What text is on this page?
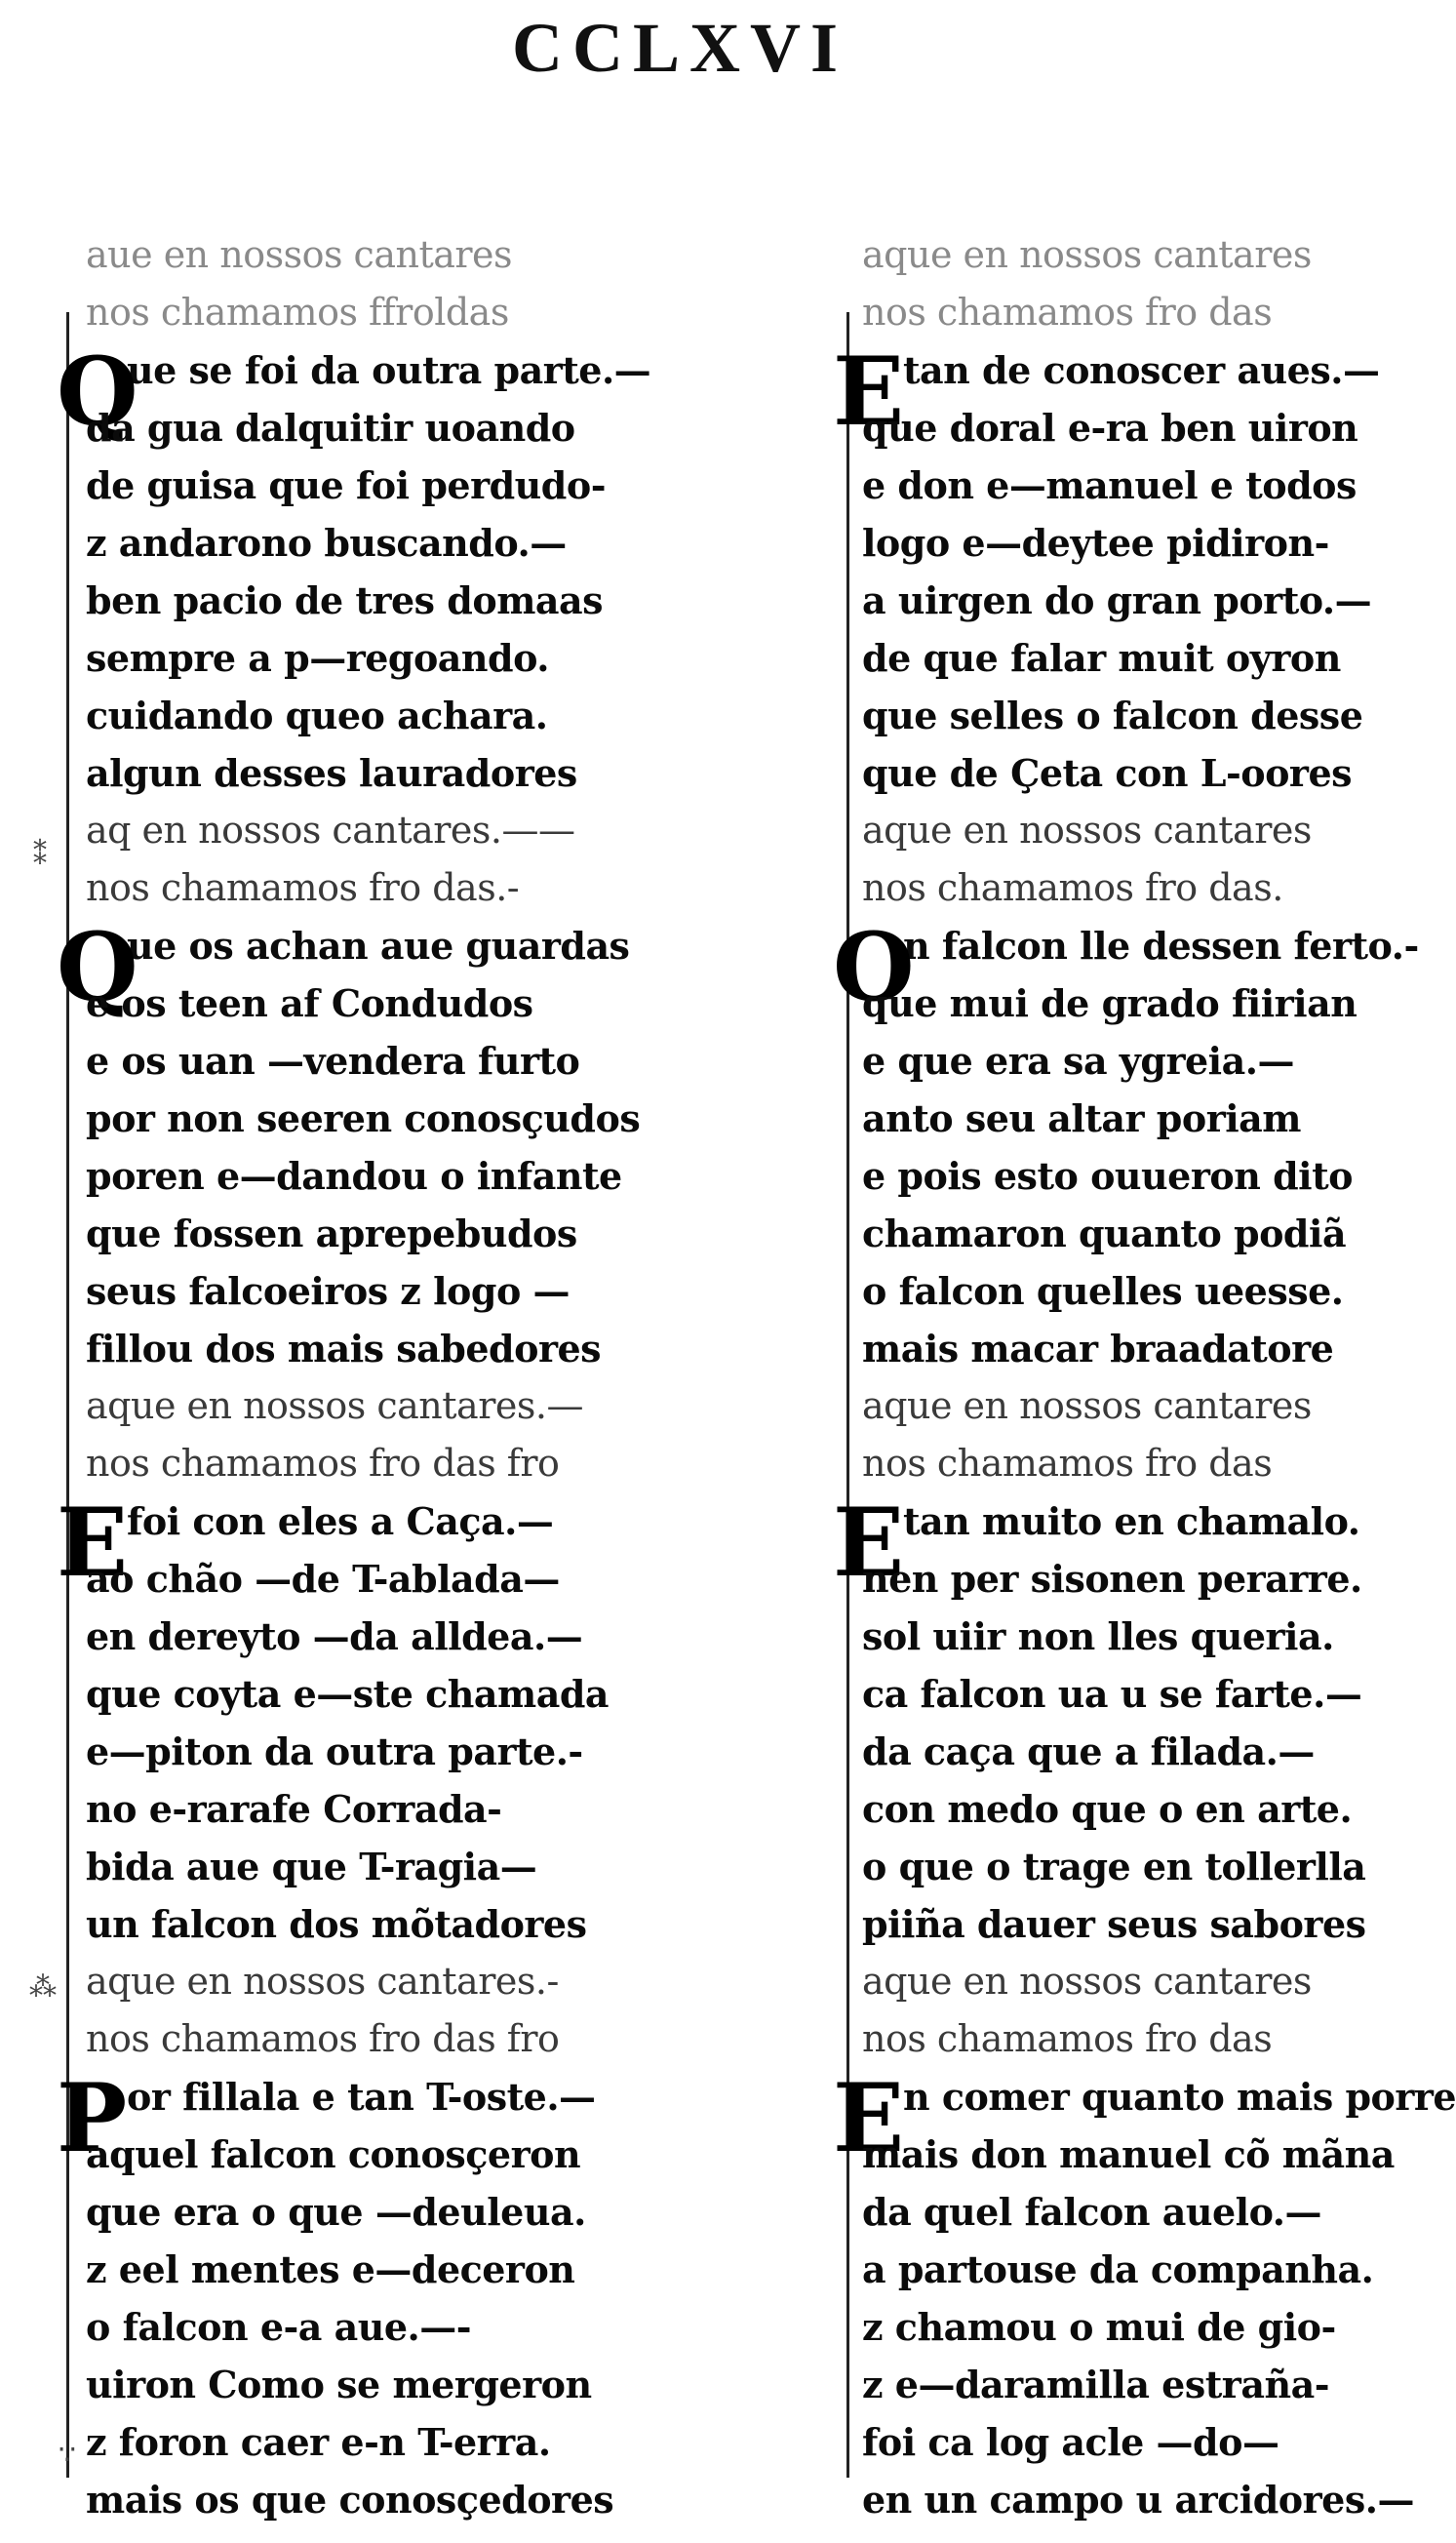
CCLXVI
aue en nossos cantares
nos chamamos ffroldas
Q
ue se foi da outra parte.—
da gua dalquitir uoando
de guisa que foi perdudo-
z andarono buscando.—
ben pacio de tres domaas
sempre a p—regoando.
cuidando queo achara.
algun desses lauradores
aq en nossos cantares.——
nos chamamos fro das.-
Q
ue os achan aue guardas
e os teen af Condudos
e os uan —vendera furto
por non seeren conosçudos
poren e—dandou o infante
que fossen aprepebudos
seus falcoeiros z logo —
fillou dos mais sabedores
aque en nossos cantares.—
nos chamamos fro das fro
E foi con eles a Caça.—
ao chão —de T-ablada—
en dereyto —da alldea.—
que coyta e—ste chamada
e—piton da outra parte.-
no e-rarafe Corrada-
bida aue que T-ragia—
un falcon dos mõtadores
aque en nossos cantares.-
nos chamamos fro das fro
P or fillala e tan T-oste.—
aquel falcon conosçeron
que era o que —deuleua.
z eel mentes e—deceron
o falcon e-a aue.—-
uiron Como se mergeron
z foron caer e-n T-erra.
mais os que conosçedores
aque en nossos cantares
nos chamamos fro das
E tan de conoscer aues.—
que doral e-ra ben uiron
e don e—manuel e todos
logo e—deytee pidiron-
a uirgen do gran porto.—
de que falar muit oyron
que selles o falcon desse
que de Çeta con L-oores
aque en nossos cantares
nos chamamos fro das.
O
n falcon lle dessen ferto.-
que mui de grado fiirian
e que era sa ygreia.—
anto seu altar poriam
e pois esto ouueron dito
chamaron quanto podiã
o falcon quelles ueesse.
mais macar braadatore
aque en nossos cantares
nos chamamos fro das
E tan muito en chamalo.
nen per sisonen perarre.
sol uiir non lles queria.
ca falcon ua u se farte.—
da caça que a filada.—
con medo que o en arte.
o que o trage en tollerlla
piiña dauer seus sabores
aque en nossos cantares
nos chamamos fro das
E n comer quanto mais porre
mais don manuel cõ mãna
da quel falcon auelo.—
a partouse da companha.
z chamou o mui de gio-
z e—daramilla estraña-
foi ca log acle —do—
en un campo u arcidores.—
⁑
⁂
∵
